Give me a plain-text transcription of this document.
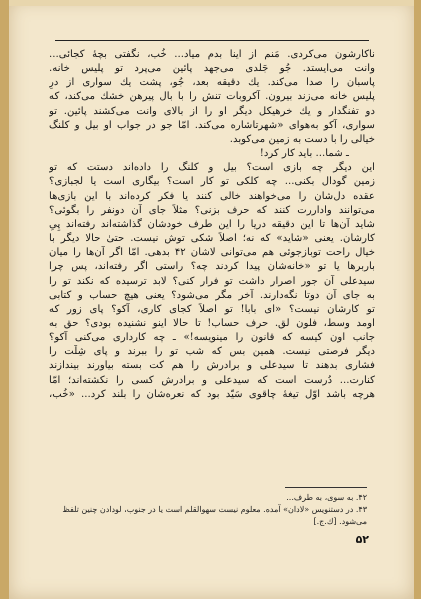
ناکارشون می‌کردی. مَنم از اینا بدم میاد... خُب، نگفتی بچهٔ کجائی...
وانت می‌ایستد. جُو جَلدی می‌جهد پائین می‌پرد تو پلیس خانه.
پاسبان را صدا می‌کند. یك دقیقه بعد، جُو، پشت یك سواری از درِ
پلیس خانه می‌زند بیرون. آکروبات تنش را با بال پیرهن خشك می‌کند، که
دو تفنگدار و یك خرهیکل دیگر او را از بالای وانت می‌کشند پائین. تو
سواری، آکو به‌هوای «شهرتاشاره می‌کند. امّا جو در جواب او بیل و کلنگ
خیالی را با دست به زمین می‌کوبد.
ـ شما... باید کار کرد!
این دیگر چه بازی است؟ بیل و کلنگ را داده‌اند دستت که تو
زمین گودال بکنی... چه کلکی تو کار است؟ بیگاری است یا لجبازی؟
عقده دل‌شان را می‌خواهند خالی کنند یا فکر کرده‌اند با این بازی‌ها
می‌توانند واداررت کنند که حرف بزنی؟ مثلاً جای آن دونفر را بگوئی؟
شاید آن‌ها تا این دقیقه دریا را این طرف خودشان گذاشته‌اند رفته‌اند پِیِ
کارشان. یعنی «شاید» که نه؛ اصلاً شکی توش نیست. حتیٰ حالا دیگر با
خیال راحت توبازجوئی هم می‌توانی لاشان ۴۲ بدهی. امّا اگر آن‌ها را میان
باربرها یا تو «خانه‌شان پیدا کردند چه؟ راستی اگر رفته‌اند، پس چرا
سیدعلی آن جور اصرار داشت تو فرار کنی؟ لابد ترسیده که نکند تو را
به جای آن دوتا نگه‌دارند. آخر مگر می‌شود؟ یعنی هیچ حساب و کتابی
تو کارشان نیست؟ «ای بابا! تو اصلاً کجای کاری، آکو؟ پای زور که
اومد وسط، فلون لق. حرف حساب! تا حالا اینو نشنیده بودی؟ حق به
جانب اون کیسه که قانون را مینویسه!» ـ چه کارداری می‌کنی آکو؟
دیگر فرصتی نیست. همین بس که شب تو را ببرند و پای شِلّت را
فشاری بدهند تا سیدعلی و برادرش را هم کت بسته بیاورند بیندازند
کنارت... دُرست است که سیدعلی و برادرش کسی را نکشته‌اند؛ امّا
هرچه باشد اوّل تیغهٔ چاقوی سَیّد بود که نعره‌شان را بلند کرد... «خُب،
۴۲. به سوی، به طرف...
۴۳. در دستنویس «لادان» آمده. معلوم نیست سهوالقلم است یا در جنوب، لودادن چنین تلفظ
می‌شود. [ك.ج.]
۵۲
